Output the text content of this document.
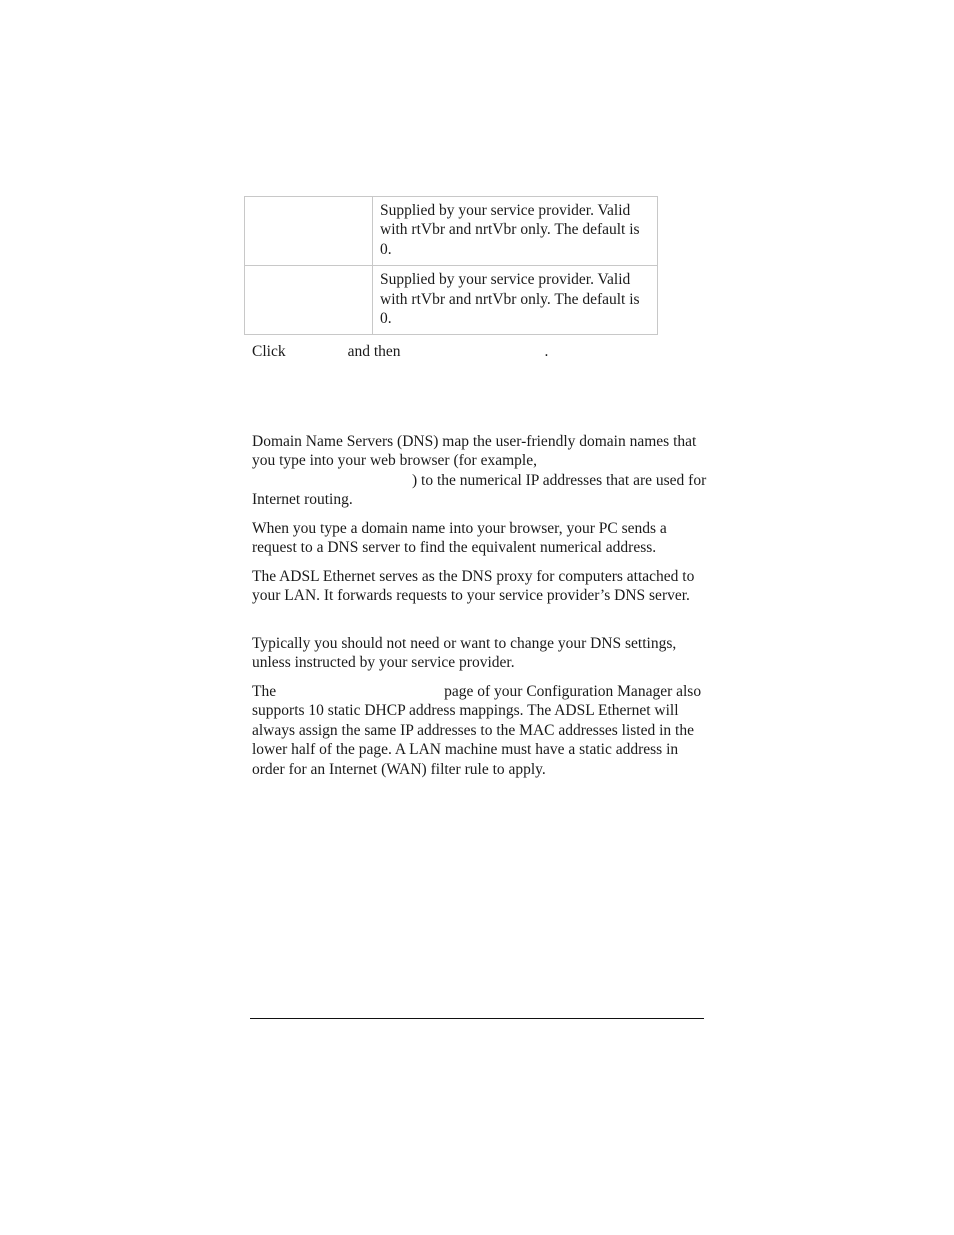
	Supplied by your service provider. Valid with rtVbr and nrtVbr only. The default is 0.
	Supplied by your service provider. Valid with rtVbr and nrtVbr only. The default is 0.
Click	and then	.

Domain Name Servers (DNS) map the user-friendly domain names that you type into your web browser (for example,
) to the numerical IP addresses that are used for Internet routing.

When you type a domain name into your browser, your PC sends a request to a DNS server to find the equivalent numerical address.

The ADSL Ethernet serves as the DNS proxy for computers attached to your LAN. It forwards requests to your service provider’s DNS server.

Typically you should not need or want to change your DNS settings, unless instructed by your service provider.

The	page of your Configuration Manager also supports 10 static DHCP address mappings. The ADSL Ethernet will always assign the same IP addresses to the MAC addresses listed in the lower half of the page. A LAN machine must have a static address in order for an Internet (WAN) filter rule to apply.
